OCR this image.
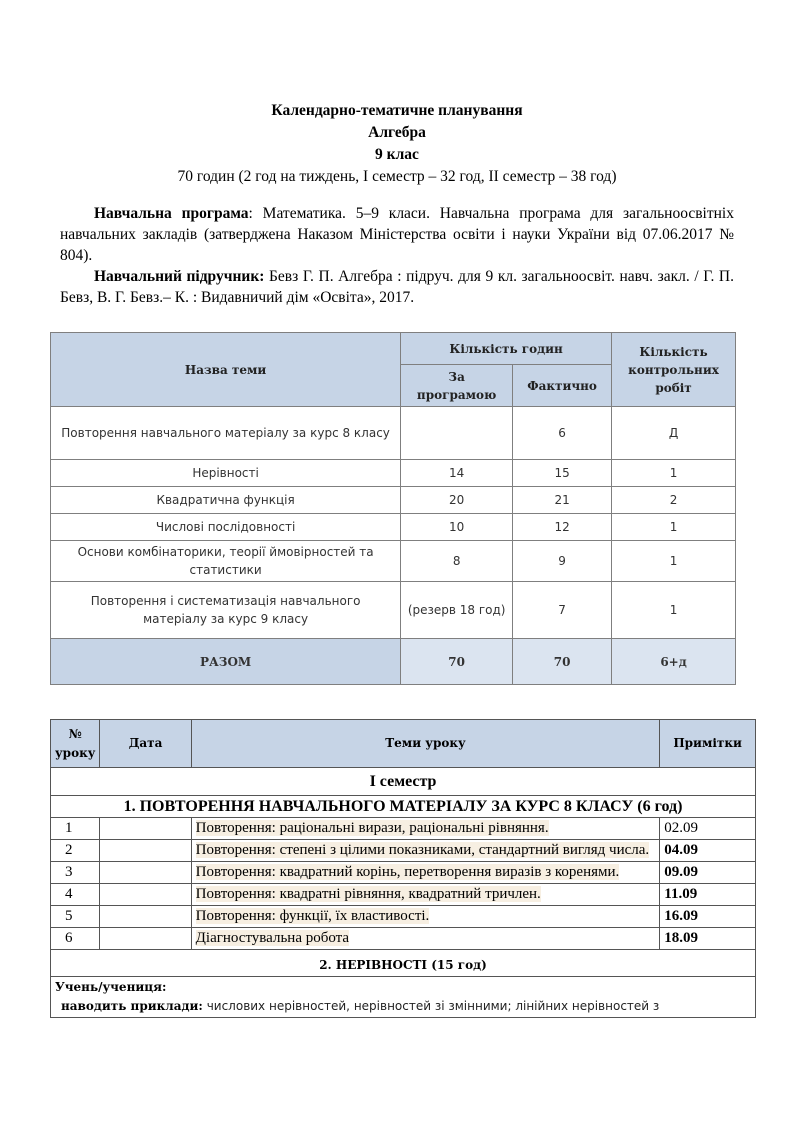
Календарно-тематичне планування
Алгебра
9 клас
70 годин (2 год на тиждень, І семестр – 32 год, ІІ семестр – 38 год)
Навчальна програма: Математика. 5–9 класи. Навчальна програма для загальноосвітніх навчальних закладів (затверджена Наказом Міністерства освіти і науки України від 07.06.2017 № 804).
Навчальний підручник: Бевз Г. П. Алгебра : підруч. для 9 кл. загальноосвіт. навч. закл. / Г. П. Бевз, В. Г. Бевз.– К. : Видавничий дім «Освіта», 2017.
Назва теми	Кількість годин		Кількість контрольних робіт
	За програмою	Фактично	
Повторення навчального матеріалу за курс 8 класу		6	Д
Нерівності	14	15	1
Квадратична функція	20	21	2
Числові послідовності	10	12	1
Основи комбінаторики, теорії ймовірностей та статистики	8	9	1
Повторення і систематизація навчального матеріалу за курс 9 класу	(резерв 18 год)	7	1
РАЗОМ	70	70	6+д
№ уроку	Дата	Теми уроку	Примітки
І семестр			
1. ПОВТОРЕННЯ НАВЧАЛЬНОГО МАТЕРІАЛУ ЗА КУРС 8 КЛАСУ (6 год)			
1		Повторення: раціональні вирази, раціональні рівняння.	02.09
2		Повторення: степені з цілими показниками, стандартний вигляд числа.	04.09
3		Повторення: квадратний корінь, перетворення виразів з коренями.	09.09
4		Повторення: квадратні рівняння, квадратний тричлен.	11.09
5		Повторення: функції, їх властивості.	16.09
6		Діагностувальна робота	18.09
2. НЕРІВНОСТІ (15 год)			

Учень/учениця:
наводить приклади: числових нерівностей, нерівностей зі змінними; лінійних нерівностей з			
